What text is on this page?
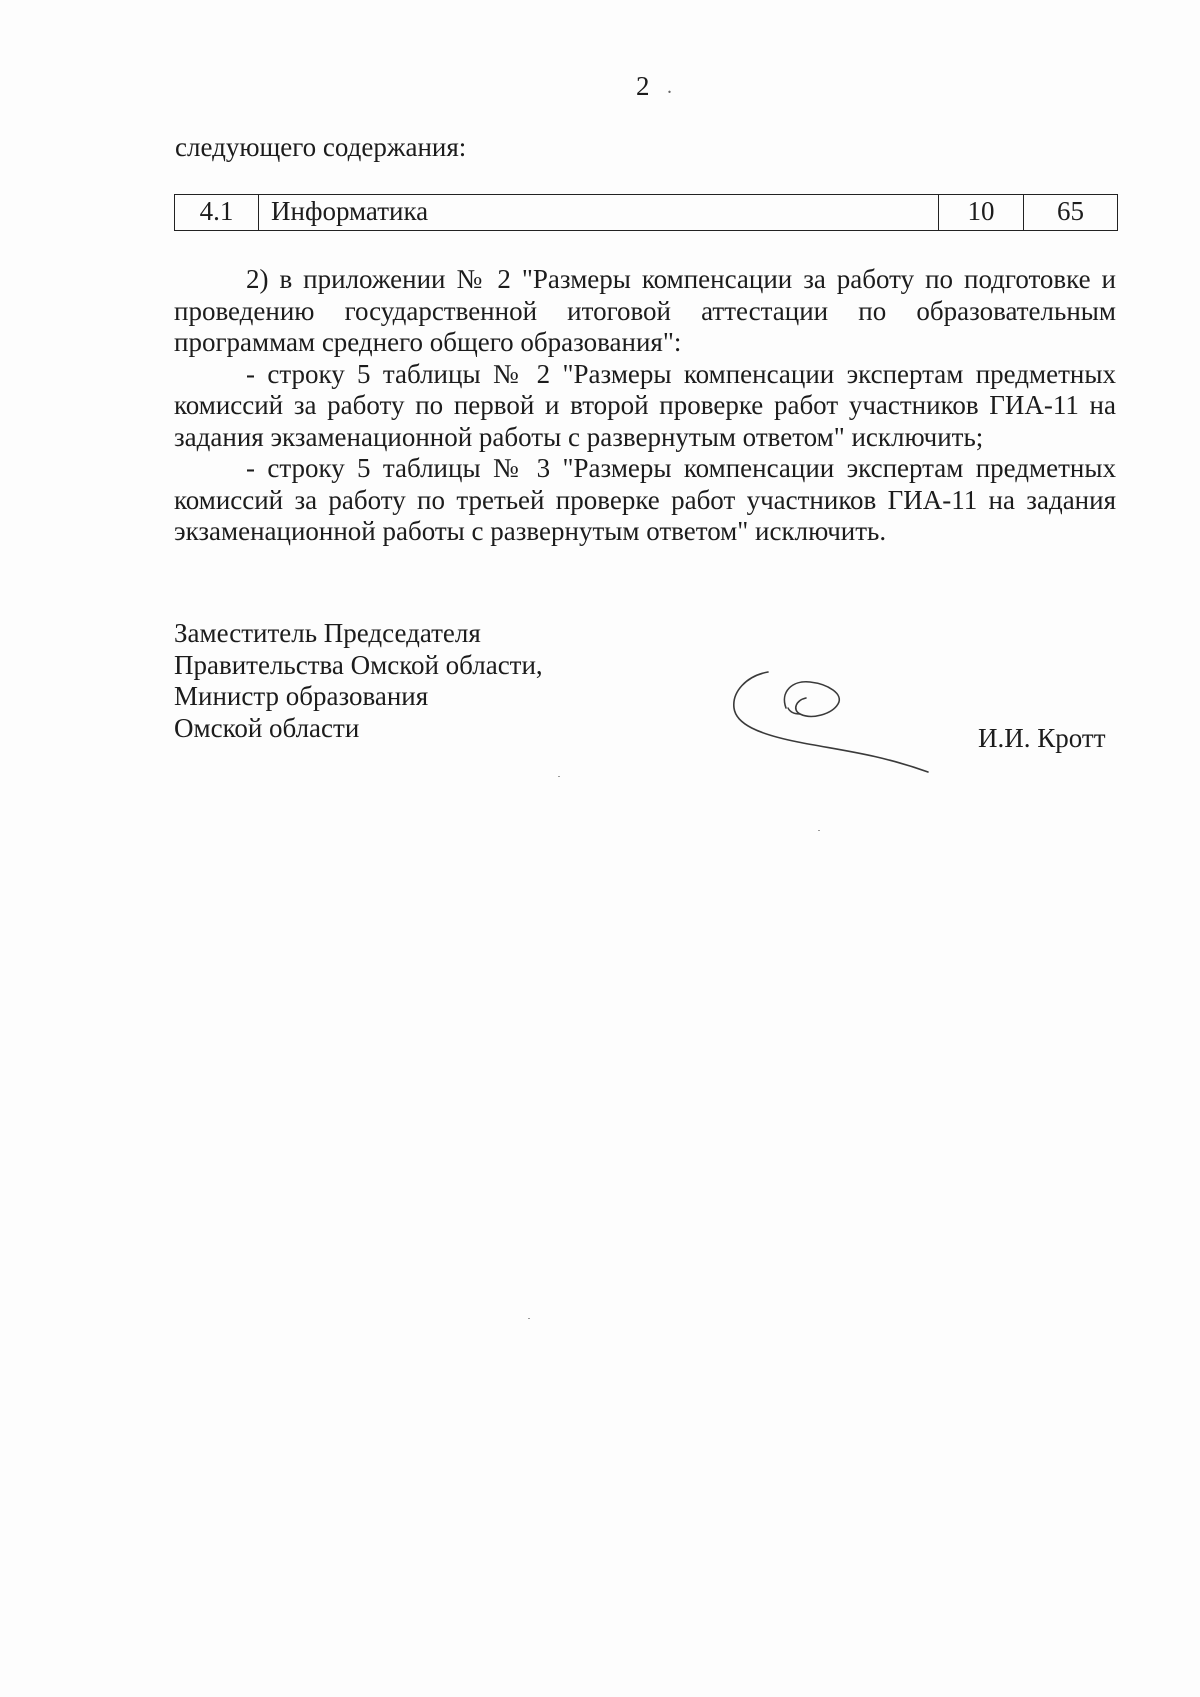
2 .
следующего содержания:
4.1	Информатика	10	65

2) в приложении № 2 "Размеры компенсации за работу по подготовке и проведению государственной итоговой аттестации по образовательным программам среднего общего образования":

- строку 5 таблицы № 2 "Размеры компенсации экспертам предметных комиссий за работу по первой и второй проверке работ участников ГИА-11 на задания экзаменационной работы с развернутым ответом" исключить;

- строку 5 таблицы № 3 "Размеры компенсации экспертам предметных комиссий за работу по третьей проверке работ участников ГИА-11 на задания экзаменационной работы с развернутым ответом" исключить.

Заместитель Председателя
Правительства Омской области,
Министр образования
Омской области	И.И. Кротт
